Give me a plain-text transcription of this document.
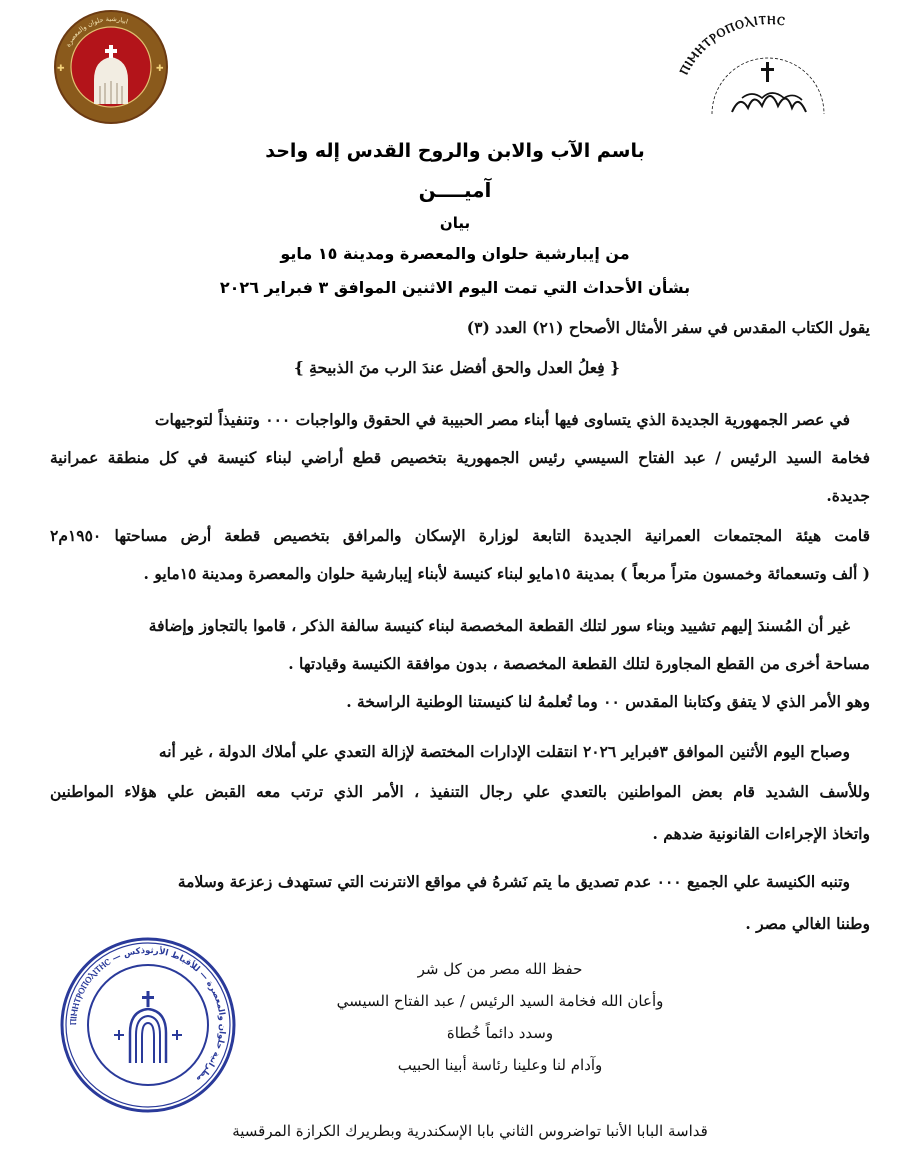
ايبارشية حلوان والمعصرة
✚	✚	ⲠⲒⲘⲎⲦⲢⲞⲠⲞⲖⲒⲦⲎⲤ
باسم الآب والابن والروح القدس إله واحد
آميــــن
بيان
من إيبارشية حلوان والمعصرة ومدينة ١٥ مايو
بشأن الأحداث التي تمت اليوم الاثنين الموافق ٣ فبراير ٢٠٢٦
يقول الكتاب المقدس في سفر الأمثال الأصحاح (٢١) العدد (٣)
{ فِعلُ العدل والحق أفضل عندَ الرب منَ الذبيحةِ }
في عصر الجمهورية الجديدة الذي يتساوى فيها أبناء مصر الحبيبة في الحقوق والواجبات ٠٠٠ وتنفيذاً لتوجيهات
فخامة السيد الرئيس / عبد الفتاح السيسي رئيس الجمهورية بتخصيص قطع أراضي لبناء كنيسة في كل منطقة عمرانية
جديدة.
قامت هيئة المجتمعات العمرانية الجديدة التابعة لوزارة الإسكان والمرافق بتخصيص قطعة أرض مساحتها ١٩٥٠م٢
( ألف وتسعمائة وخمسون متراً مربعاً ) بمدينة ١٥مايو لبناء كنيسة لأبناء إيبارشية حلوان والمعصرة ومدينة ١٥مايو .
غير أن المُسندَ إليهم تشييد وبناء سور لتلك القطعة المخصصة لبناء كنيسة سالفة الذكر ، قاموا بالتجاوز وإضافة
مساحة أخرى من القطع المجاورة لتلك القطعة المخصصة ، بدون موافقة الكنيسة وقيادتها .
وهو الأمر الذي لا يتفق وكتابنا المقدس ٠٠ وما تُعلمهُ لنا كنيستنا الوطنية الراسخة .
وصباح اليوم الأثنين الموافق ٣فبراير ٢٠٢٦ انتقلت الإدارات المختصة لإزالة التعدي علي أملاك الدولة ، غير أنه
وللأسف الشديد قام بعض المواطنين بالتعدي علي رجال التنفيذ ، الأمر الذي ترتب معه القبض علي هؤلاء المواطنين
واتخاذ الإجراءات القانونية ضدهم .
وتنبه الكنيسة علي الجميع ٠٠٠ عدم تصديق ما يتم نَشرهُ في مواقع الانترنت التي تستهدف زعزعة وسلامة
وطننا الغالي مصر .
ⲠⲒⲘⲎⲦⲢⲞⲠⲞⲖⲒⲦⲎⲤ — مطرانية حلوان والمعصرة — للأقباط الأرثوذكس
حفظ الله مصر من كل شر
وأعان الله فخامة السيد الرئيس / عبد الفتاح السيسي
وسدد دائماً خُطاهَ
وآدام لنا وعلينا رئاسة أبينا الحبيب
قداسة البابا الأنبا تواضروس الثاني بابا الإسكندرية وبطريرك الكرازة المرقسية
